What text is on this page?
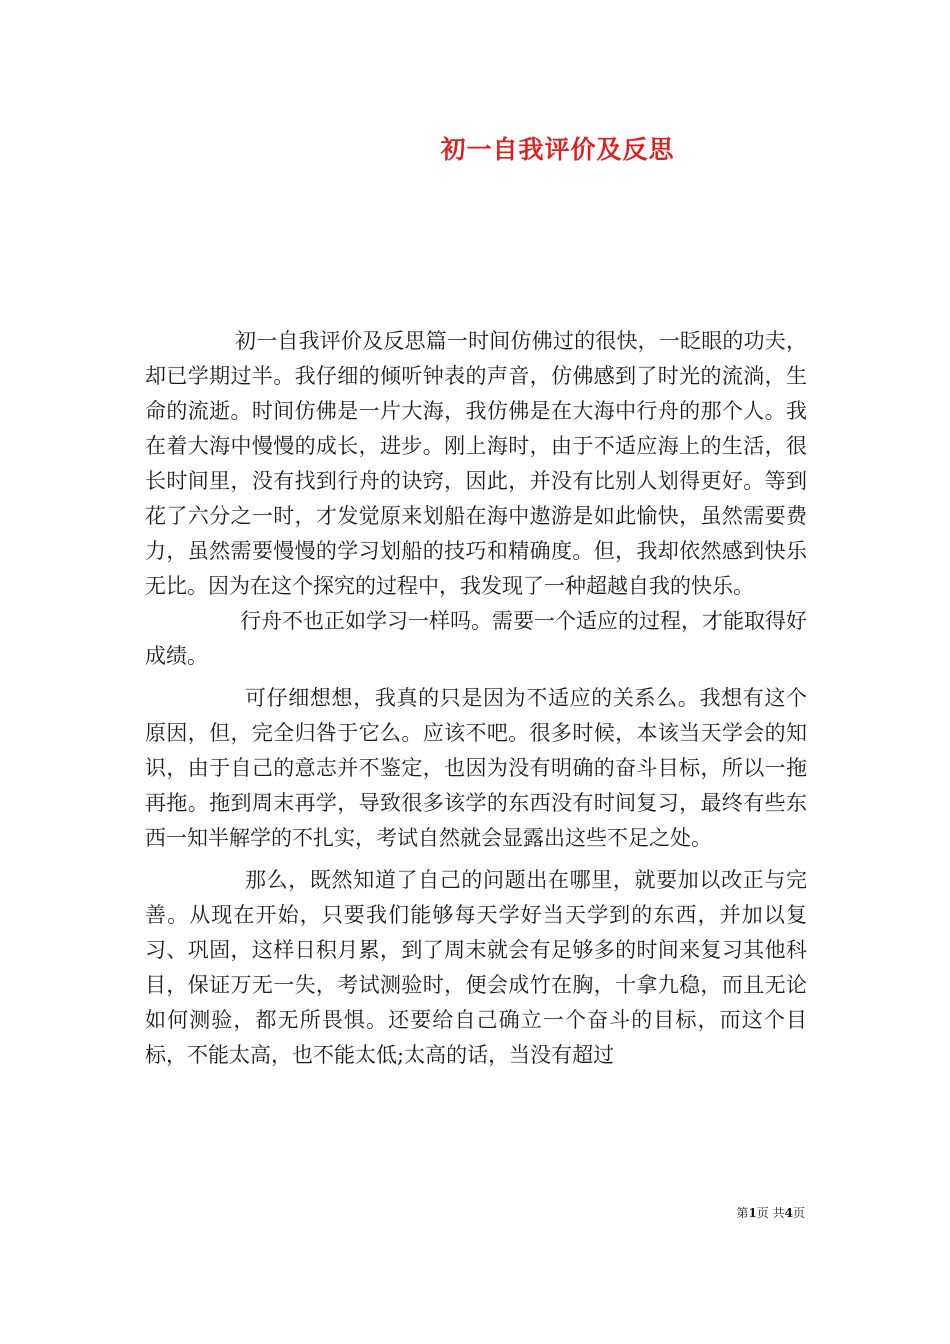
初一自我评价及反思

初一自我评价及反思篇一时间仿佛过的很快，一眨眼的功夫，却已学期过半。我仔细的倾听钟表的声音，仿佛感到了时光的流淌，生命的流逝。时间仿佛是一片大海，我仿佛是在大海中行舟的那个人。我在着大海中慢慢的成长，进步。刚上海时，由于不适应海上的生活，很长时间里，没有找到行舟的诀窍，因此，并没有比别人划得更好。等到花了六分之一时，才发觉原来划船在海中遨游是如此愉快，虽然需要费力，虽然需要慢慢的学习划船的技巧和精确度。但，我却依然感到快乐无比。因为在这个探究的过程中，我发现了一种超越自我的快乐。

行舟不也正如学习一样吗。需要一个适应的过程，才能取得好成绩。

可仔细想想，我真的只是因为不适应的关系么。我想有这个原因，但，完全归咎于它么。应该不吧。很多时候，本该当天学会的知识，由于自己的意志并不鉴定，也因为没有明确的奋斗目标，所以一拖再拖。拖到周末再学，导致很多该学的东西没有时间复习，最终有些东西一知半解学的不扎实，考试自然就会显露出这些不足之处。

那么，既然知道了自己的问题出在哪里，就要加以改正与完善。从现在开始，只要我们能够每天学好当天学到的东西，并加以复习、巩固，这样日积月累，到了周末就会有足够多的时间来复习其他科目，保证万无一失，考试测验时，便会成竹在胸，十拿九稳，而且无论如何测验，都无所畏惧。还要给自己确立一个奋斗的目标，而这个目标，不能太高，也不能太低;太高的话，当没有超过

第1页 共4页
